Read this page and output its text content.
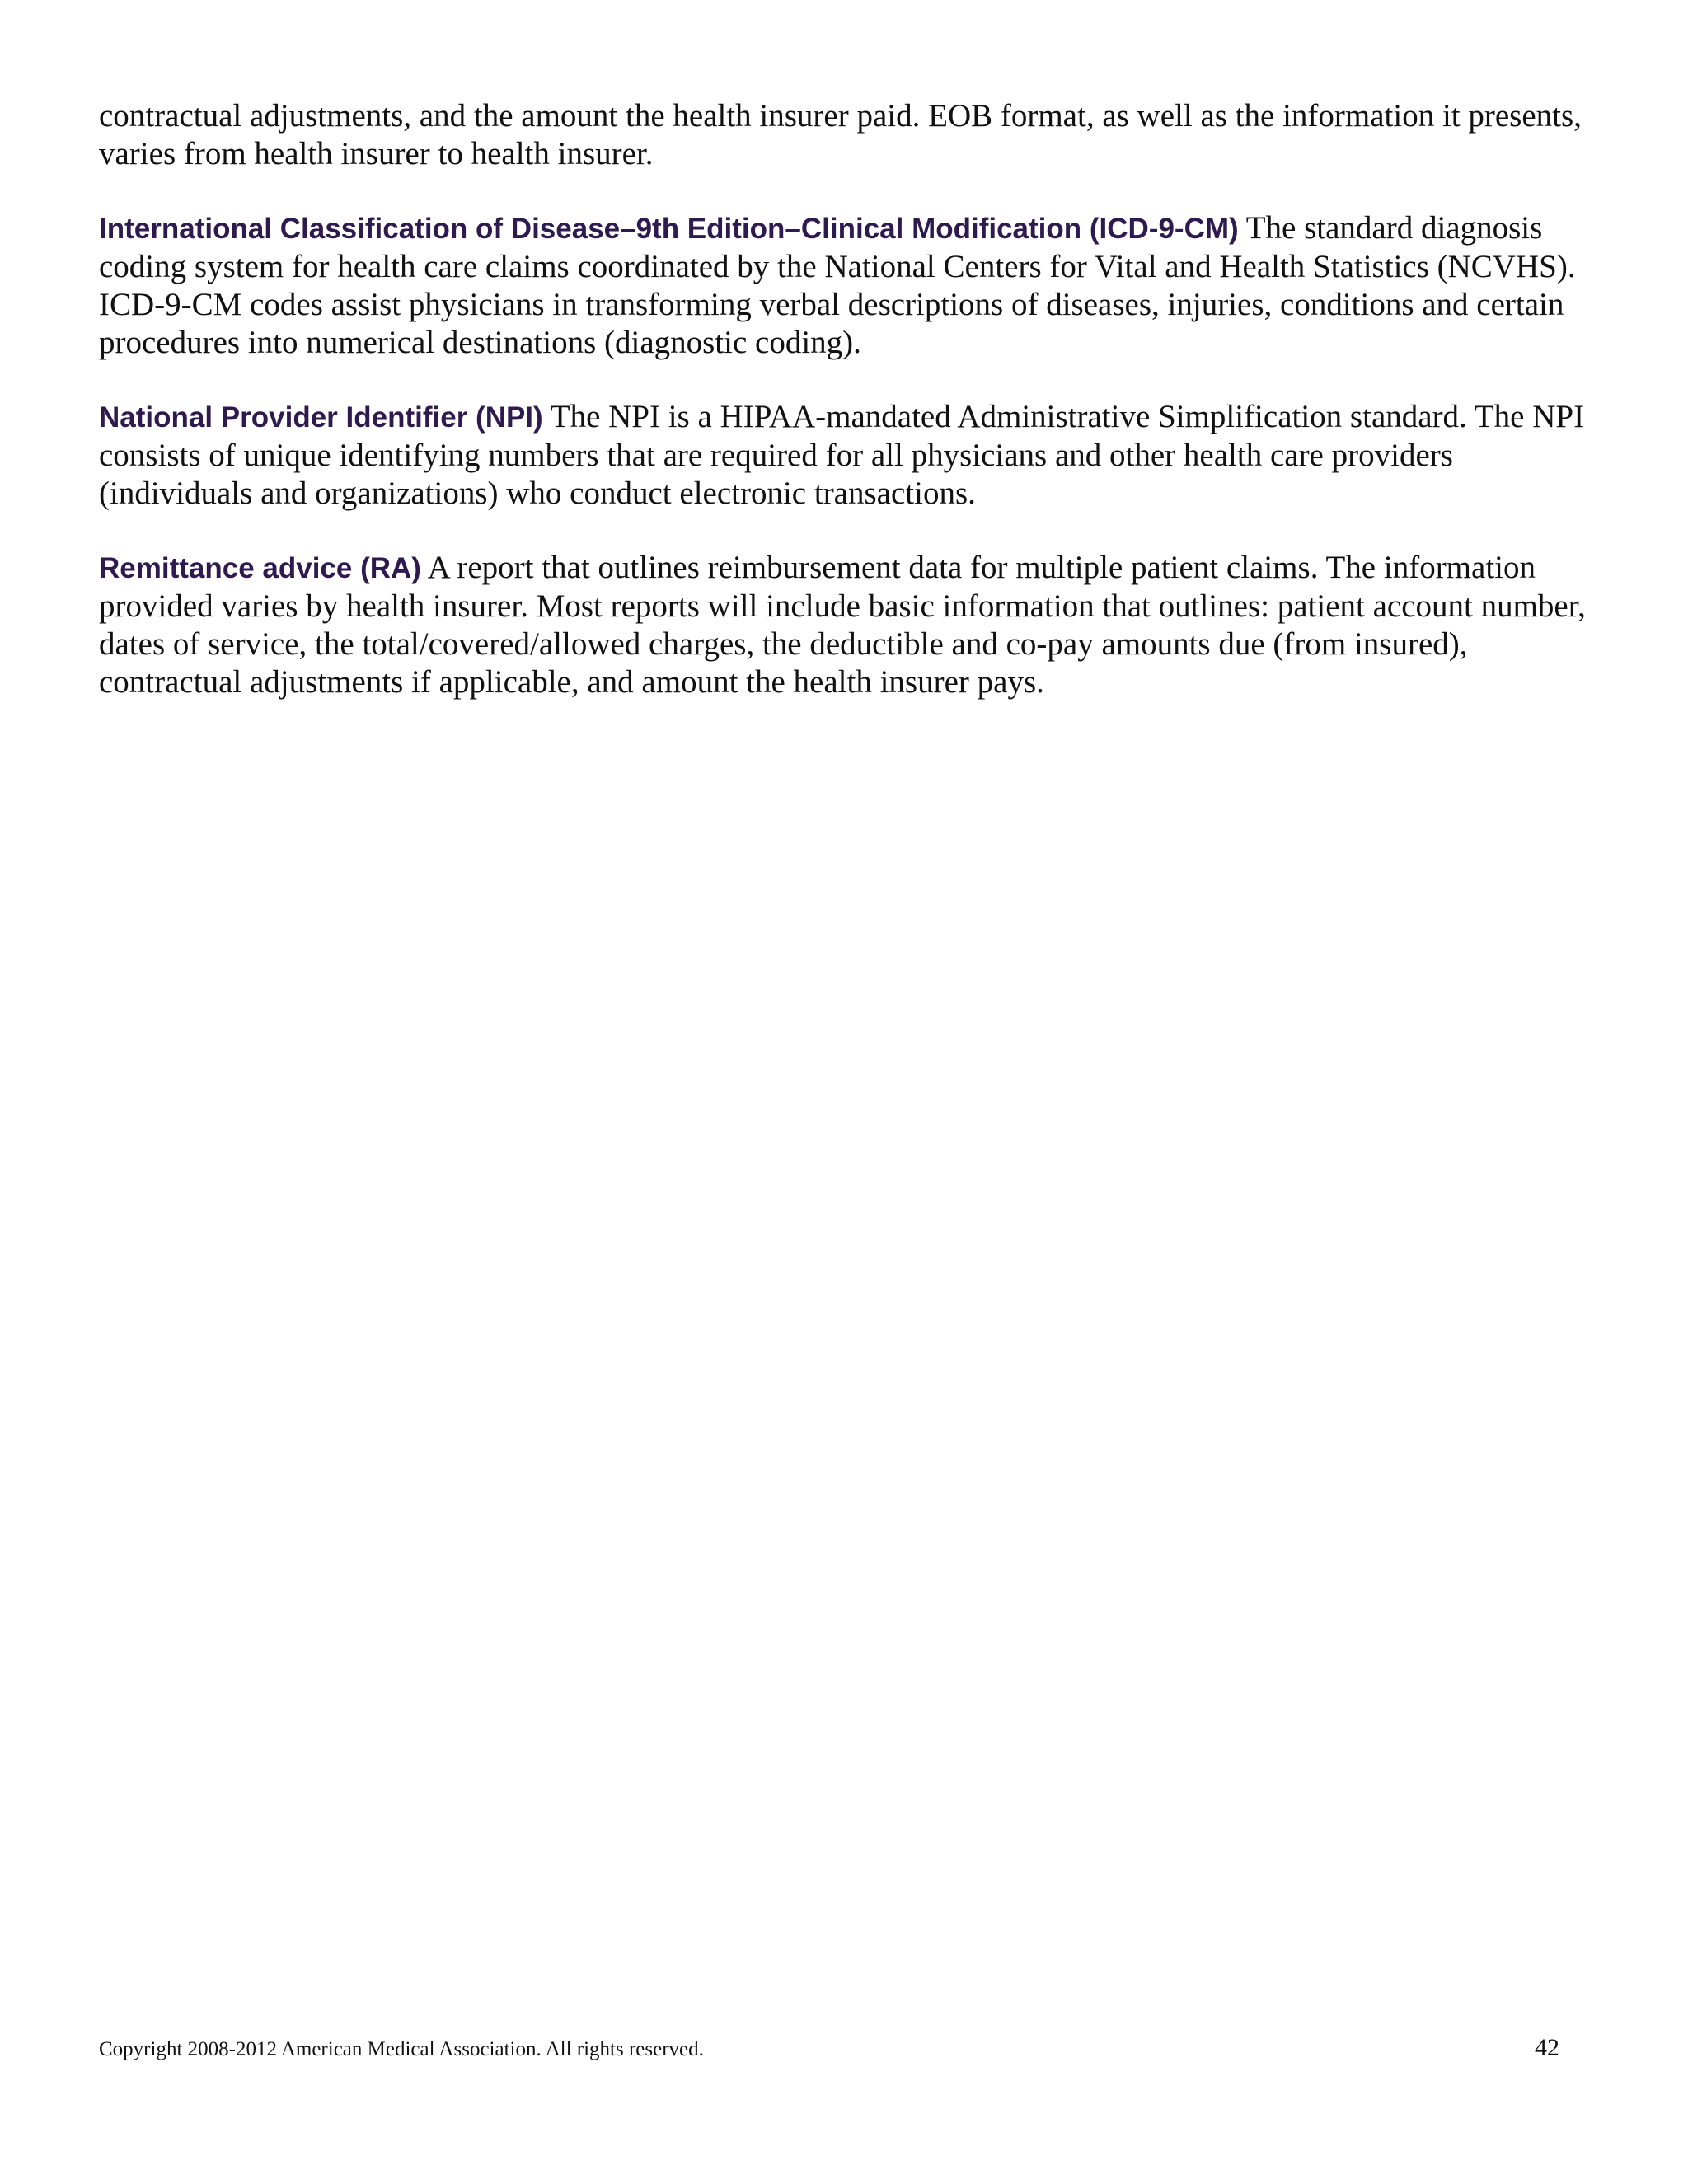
contractual adjustments, and the amount the health insurer paid. EOB format, as well as the information it presents, varies from health insurer to health insurer.

International Classification of Disease–9th Edition–Clinical Modification (ICD-9-CM) The standard diagnosis coding system for health care claims coordinated by the National Centers for Vital and Health Statistics (NCVHS). ICD-9-CM codes assist physicians in transforming verbal descriptions of diseases, injuries, conditions and certain procedures into numerical destinations (diagnostic coding).

National Provider Identifier (NPI) The NPI is a HIPAA-mandated Administrative Simplification standard. The NPI consists of unique identifying numbers that are required for all physicians and other health care providers (individuals and organizations) who conduct electronic transactions.

Remittance advice (RA) A report that outlines reimbursement data for multiple patient claims. The information provided varies by health insurer. Most reports will include basic information that outlines: patient account number, dates of service, the total/covered/allowed charges, the deductible and co-pay amounts due (from insured), contractual adjustments if applicable, and amount the health insurer pays.

Copyright 2008-2012 American Medical Association. All rights reserved.	42
